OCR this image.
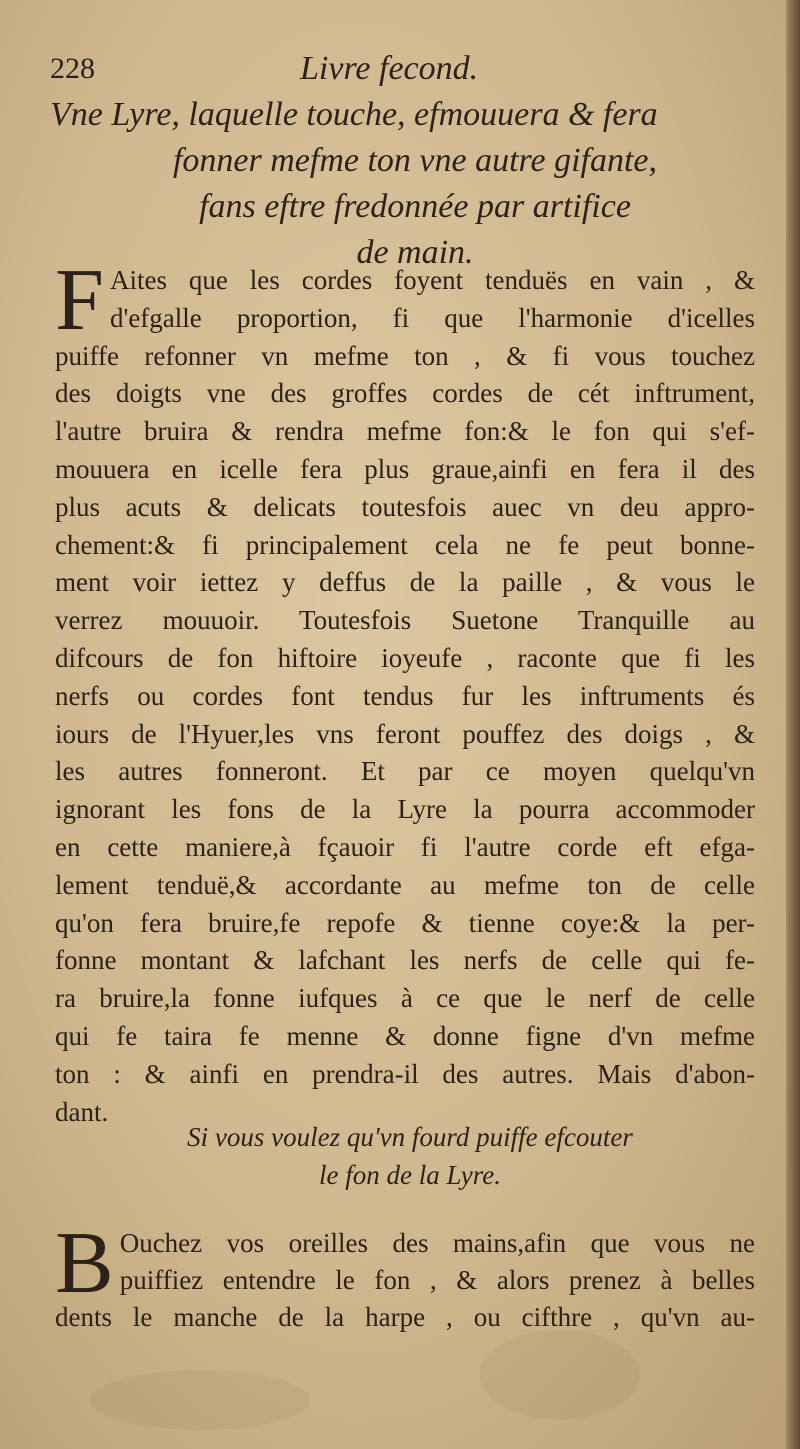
228	Livre fecond.
Vne Lyre, laquelle touche, efmouuera & fera
fonner mefme ton vne autre gifante,
fans eftre fredonnée par artifice
de main.
F Aites que les cordes foyent tenduës en vain , &
d'efgalle proportion, fi que l'harmonie d'icelles
puiffe refonner vn mefme ton , & fi vous touchez
des doigts vne des groffes cordes de cét inftrument,
l'autre bruira & rendra mefme fon:& le fon qui s'ef-
mouuera en icelle fera plus graue,ainfi en fera il des
plus acuts & delicats toutesfois auec vn deu appro-
chement:& fi principalement cela ne fe peut bonne-
ment voir iettez y deffus de la paille , & vous le
verrez mouuoir. Toutesfois Suetone Tranquille au
difcours de fon hiftoire ioyeufe , raconte que fi les
nerfs ou cordes font tendus fur les inftruments és
iours de l'Hyuer,les vns feront pouffez des doigs , &
les autres fonneront. Et par ce moyen quelqu'vn
ignorant les fons de la Lyre la pourra accommoder
en cette maniere,à fçauoir fi l'autre corde eft efga-
lement tenduë,& accordante au mefme ton de celle
qu'on fera bruire,fe repofe & tienne coye:& la per-
fonne montant & lafchant les nerfs de celle qui fe-
ra bruire,la fonne iufques à ce que le nerf de celle
qui fe taira fe menne & donne figne d'vn mefme
ton : & ainfi en prendra-il des autres. Mais d'abon-
dant.
Si vous voulez qu'vn fourd puiffe efcouter
le fon de la Lyre.
B Ouchez vos oreilles des mains,afin que vous ne
puiffiez entendre le fon , & alors prenez à belles
dents le manche de la harpe , ou cifthre , qu'vn au-
